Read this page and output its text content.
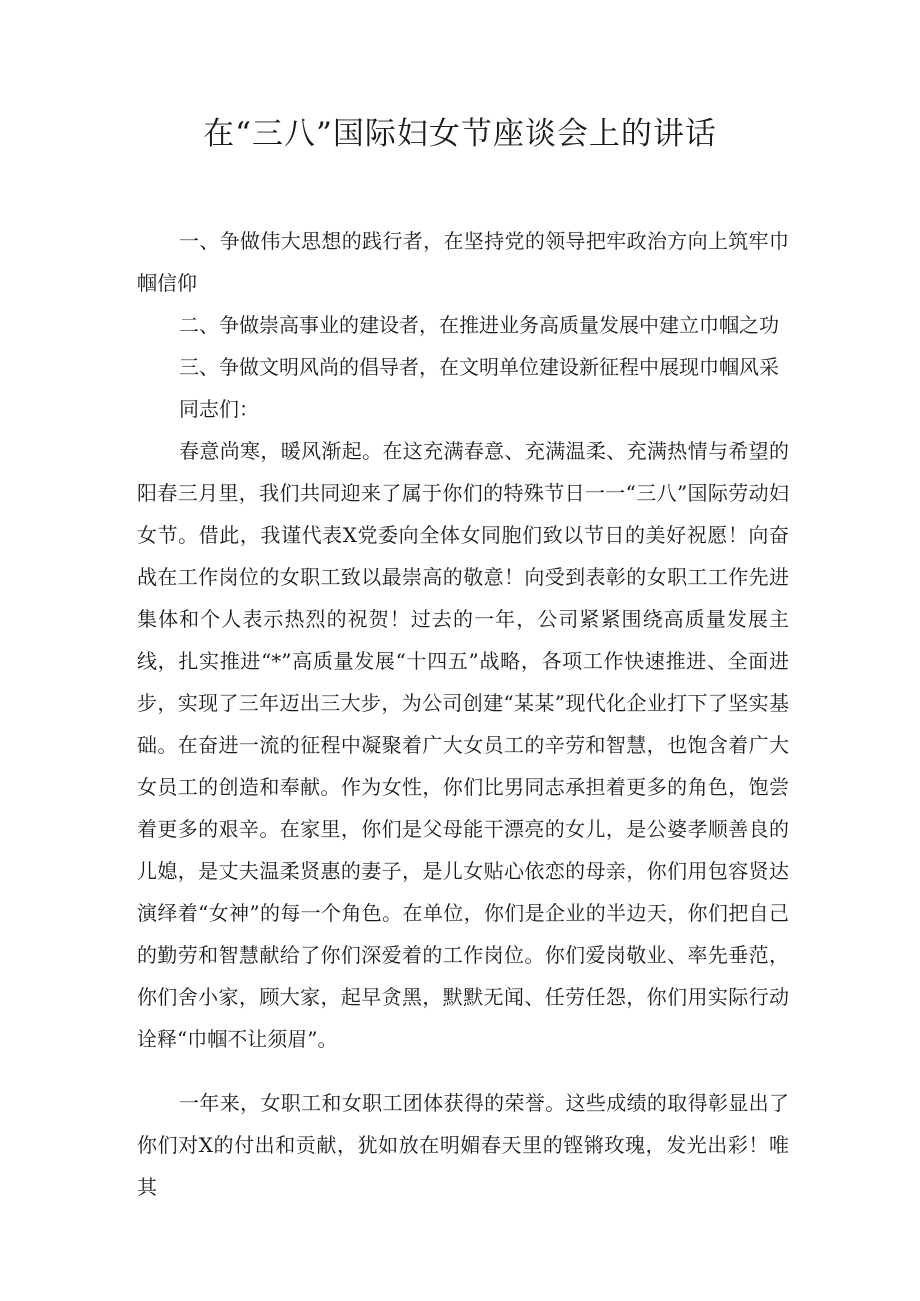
在“三八”国际妇女节座谈会上的讲话

一、争做伟大思想的践行者，在坚持党的领导把牢政治方向上筑牢巾帼信仰

二、争做崇高事业的建设者，在推进业务高质量发展中建立巾帼之功

三、争做文明风尚的倡导者，在文明单位建设新征程中展现巾帼风采

同志们：

春意尚寒，暖风渐起。在这充满春意、充满温柔、充满热情与希望的阳春三月里，我们共同迎来了属于你们的特殊节日一一“三八”国际劳动妇女节。借此，我谨代表X党委向全体女同胞们致以节日的美好祝愿！向奋战在工作岗位的女职工致以最崇高的敬意！向受到表彰的女职工工作先进集体和个人表示热烈的祝贺！过去的一年，公司紧紧围绕高质量发展主线，扎实推进“*”高质量发展“十四五”战略，各项工作快速推进、全面进步，实现了三年迈出三大步，为公司创建“某某”现代化企业打下了坚实基础。在奋进一流的征程中凝聚着广大女员工的辛劳和智慧，也饱含着广大女员工的创造和奉献。作为女性，你们比男同志承担着更多的角色，饱尝着更多的艰辛。在家里，你们是父母能干漂亮的女儿，是公婆孝顺善良的儿媳，是丈夫温柔贤惠的妻子，是儿女贴心依恋的母亲，你们用包容贤达演绎着“女神”的每一个角色。在单位，你们是企业的半边天，你们把自己的勤劳和智慧献给了你们深爱着的工作岗位。你们爱岗敬业、率先垂范，你们舍小家，顾大家，起早贪黑，默默无闻、任劳任怨，你们用实际行动诠释“巾帼不让须眉”。

一年来，女职工和女职工团体获得的荣誉。这些成绩的取得彰显出了你们对X的付出和贡献，犹如放在明媚春天里的铿锵玫瑰，发光出彩！唯其
